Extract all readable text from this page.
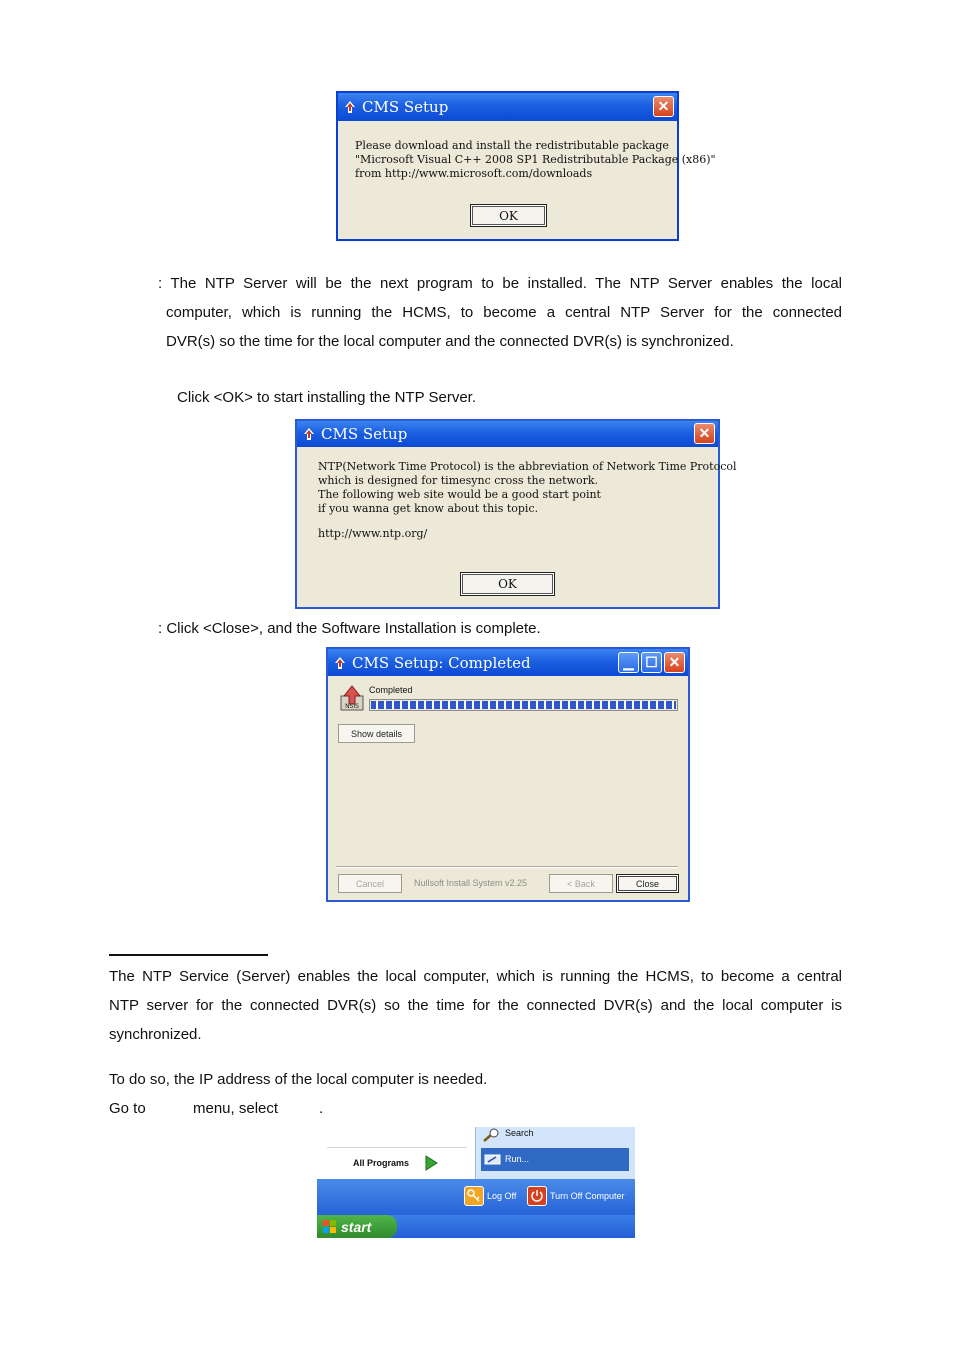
CMS Setup	✕
Please download and install the redistributable package
"Microsoft Visual C++ 2008 SP1 Redistributable Package (x86)"
from http://www.microsoft.com/downloads
OK
: The NTP Server will be the next program to be installed. The NTP Server enables the local
computer, which is running the HCMS, to become a central NTP Server for the connected
DVR(s) so the time for the local computer and the connected DVR(s) is synchronized.
Click <OK> to start installing the NTP Server.
CMS Setup	✕
NTP(Network Time Protocol) is the abbreviation of Network Time Protocol
which is designed for timesync cross the network.
The following web site would be a good start point
if you wanna get know about this topic.
http://www.ntp.org/
OK
: Click <Close>, and the Software Installation is complete.
CMS Setup: Completed	▁ ☐ ✕
NSIS
Completed
Show details
Cancel	Nullsoft Install System v2.25	< Back	Close
The NTP Service (Server) enables the local computer, which is running the HCMS, to become a central
NTP server for the connected DVR(s) so the time for the connected DVR(s) and the local computer is
synchronized.
To do so, the IP address of the local computer is needed.
Go to	menu, select	.
All Programs
Search
Run...
Log Off	Turn Off Computer
start
